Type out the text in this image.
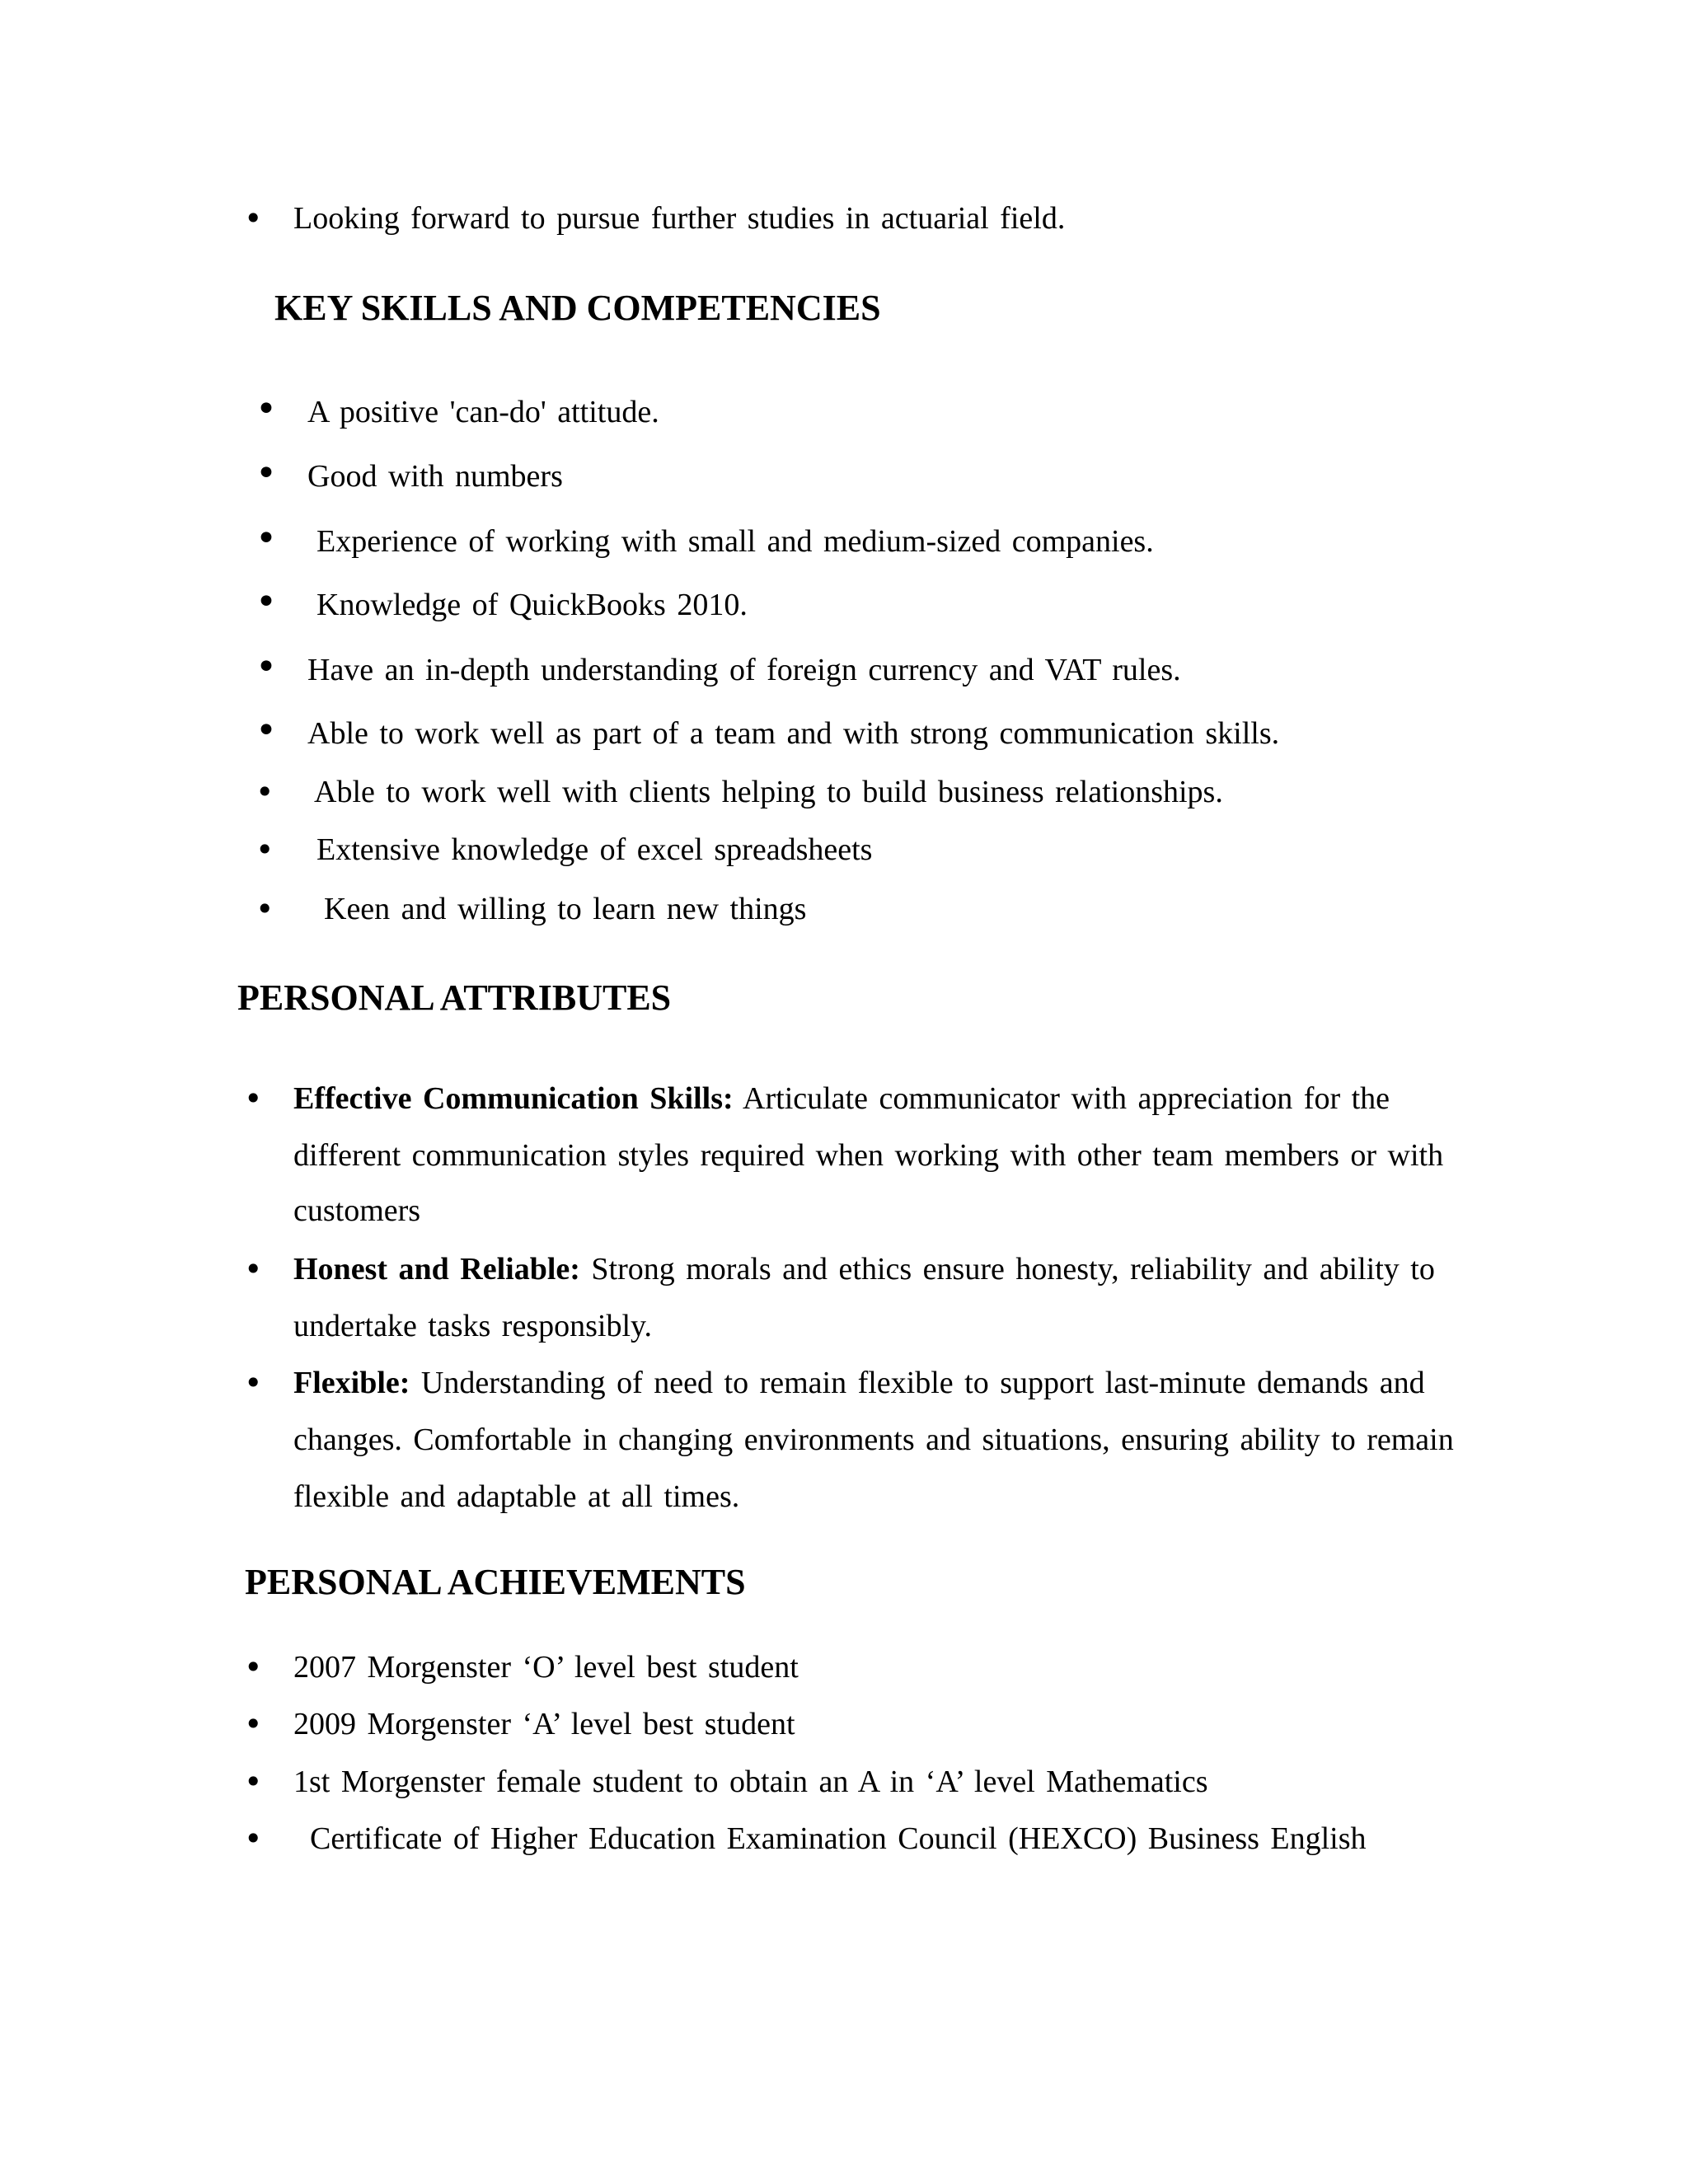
• Looking forward to pursue further studies in actuarial field.
KEY SKILLS AND COMPETENCIES
• A positive 'can-do' attitude.
• Good with numbers
• Experience of working with small and medium-sized companies.
• Knowledge of QuickBooks 2010.
• Have an in-depth understanding of foreign currency and VAT rules.
• Able to work well as part of a team and with strong communication skills.
• Able to work well with clients helping to build business relationships.
• Extensive knowledge of excel spreadsheets
• Keen and willing to learn new things
PERSONAL ATTRIBUTES
• Effective Communication Skills: Articulate communicator with appreciation for the
different communication styles required when working with other team members or with
customers
• Honest and Reliable: Strong morals and ethics ensure honesty, reliability and ability to
undertake tasks responsibly.
• Flexible: Understanding of need to remain flexible to support last-minute demands and
changes. Comfortable in changing environments and situations, ensuring ability to remain
flexible and adaptable at all times.
PERSONAL ACHIEVEMENTS
• 2007 Morgenster ‘O’ level best student
• 2009 Morgenster ‘A’ level best student
• 1st Morgenster female student to obtain an A in ‘A’ level Mathematics
• Certificate of Higher Education Examination Council (HEXCO) Business English
